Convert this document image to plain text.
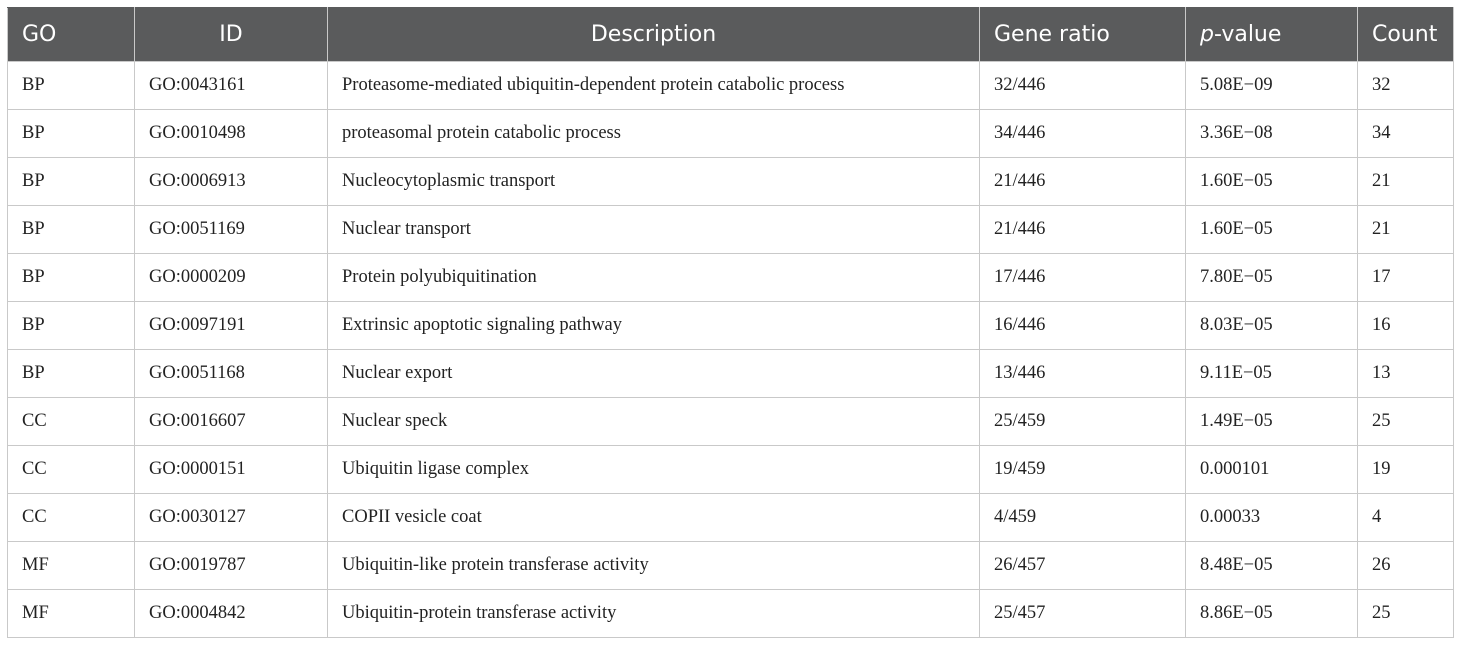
GO	ID	Description	Gene ratio	p-value	Count
BP	GO:0043161	Proteasome-mediated ubiquitin-dependent protein catabolic process	32/446	5.08E−09	32
BP	GO:0010498	proteasomal protein catabolic process	34/446	3.36E−08	34
BP	GO:0006913	Nucleocytoplasmic transport	21/446	1.60E−05	21
BP	GO:0051169	Nuclear transport	21/446	1.60E−05	21
BP	GO:0000209	Protein polyubiquitination	17/446	7.80E−05	17
BP	GO:0097191	Extrinsic apoptotic signaling pathway	16/446	8.03E−05	16
BP	GO:0051168	Nuclear export	13/446	9.11E−05	13
CC	GO:0016607	Nuclear speck	25/459	1.49E−05	25
CC	GO:0000151	Ubiquitin ligase complex	19/459	0.000101	19
CC	GO:0030127	COPII vesicle coat	4/459	0.00033	4
MF	GO:0019787	Ubiquitin-like protein transferase activity	26/457	8.48E−05	26
MF	GO:0004842	Ubiquitin-protein transferase activity	25/457	8.86E−05	25
